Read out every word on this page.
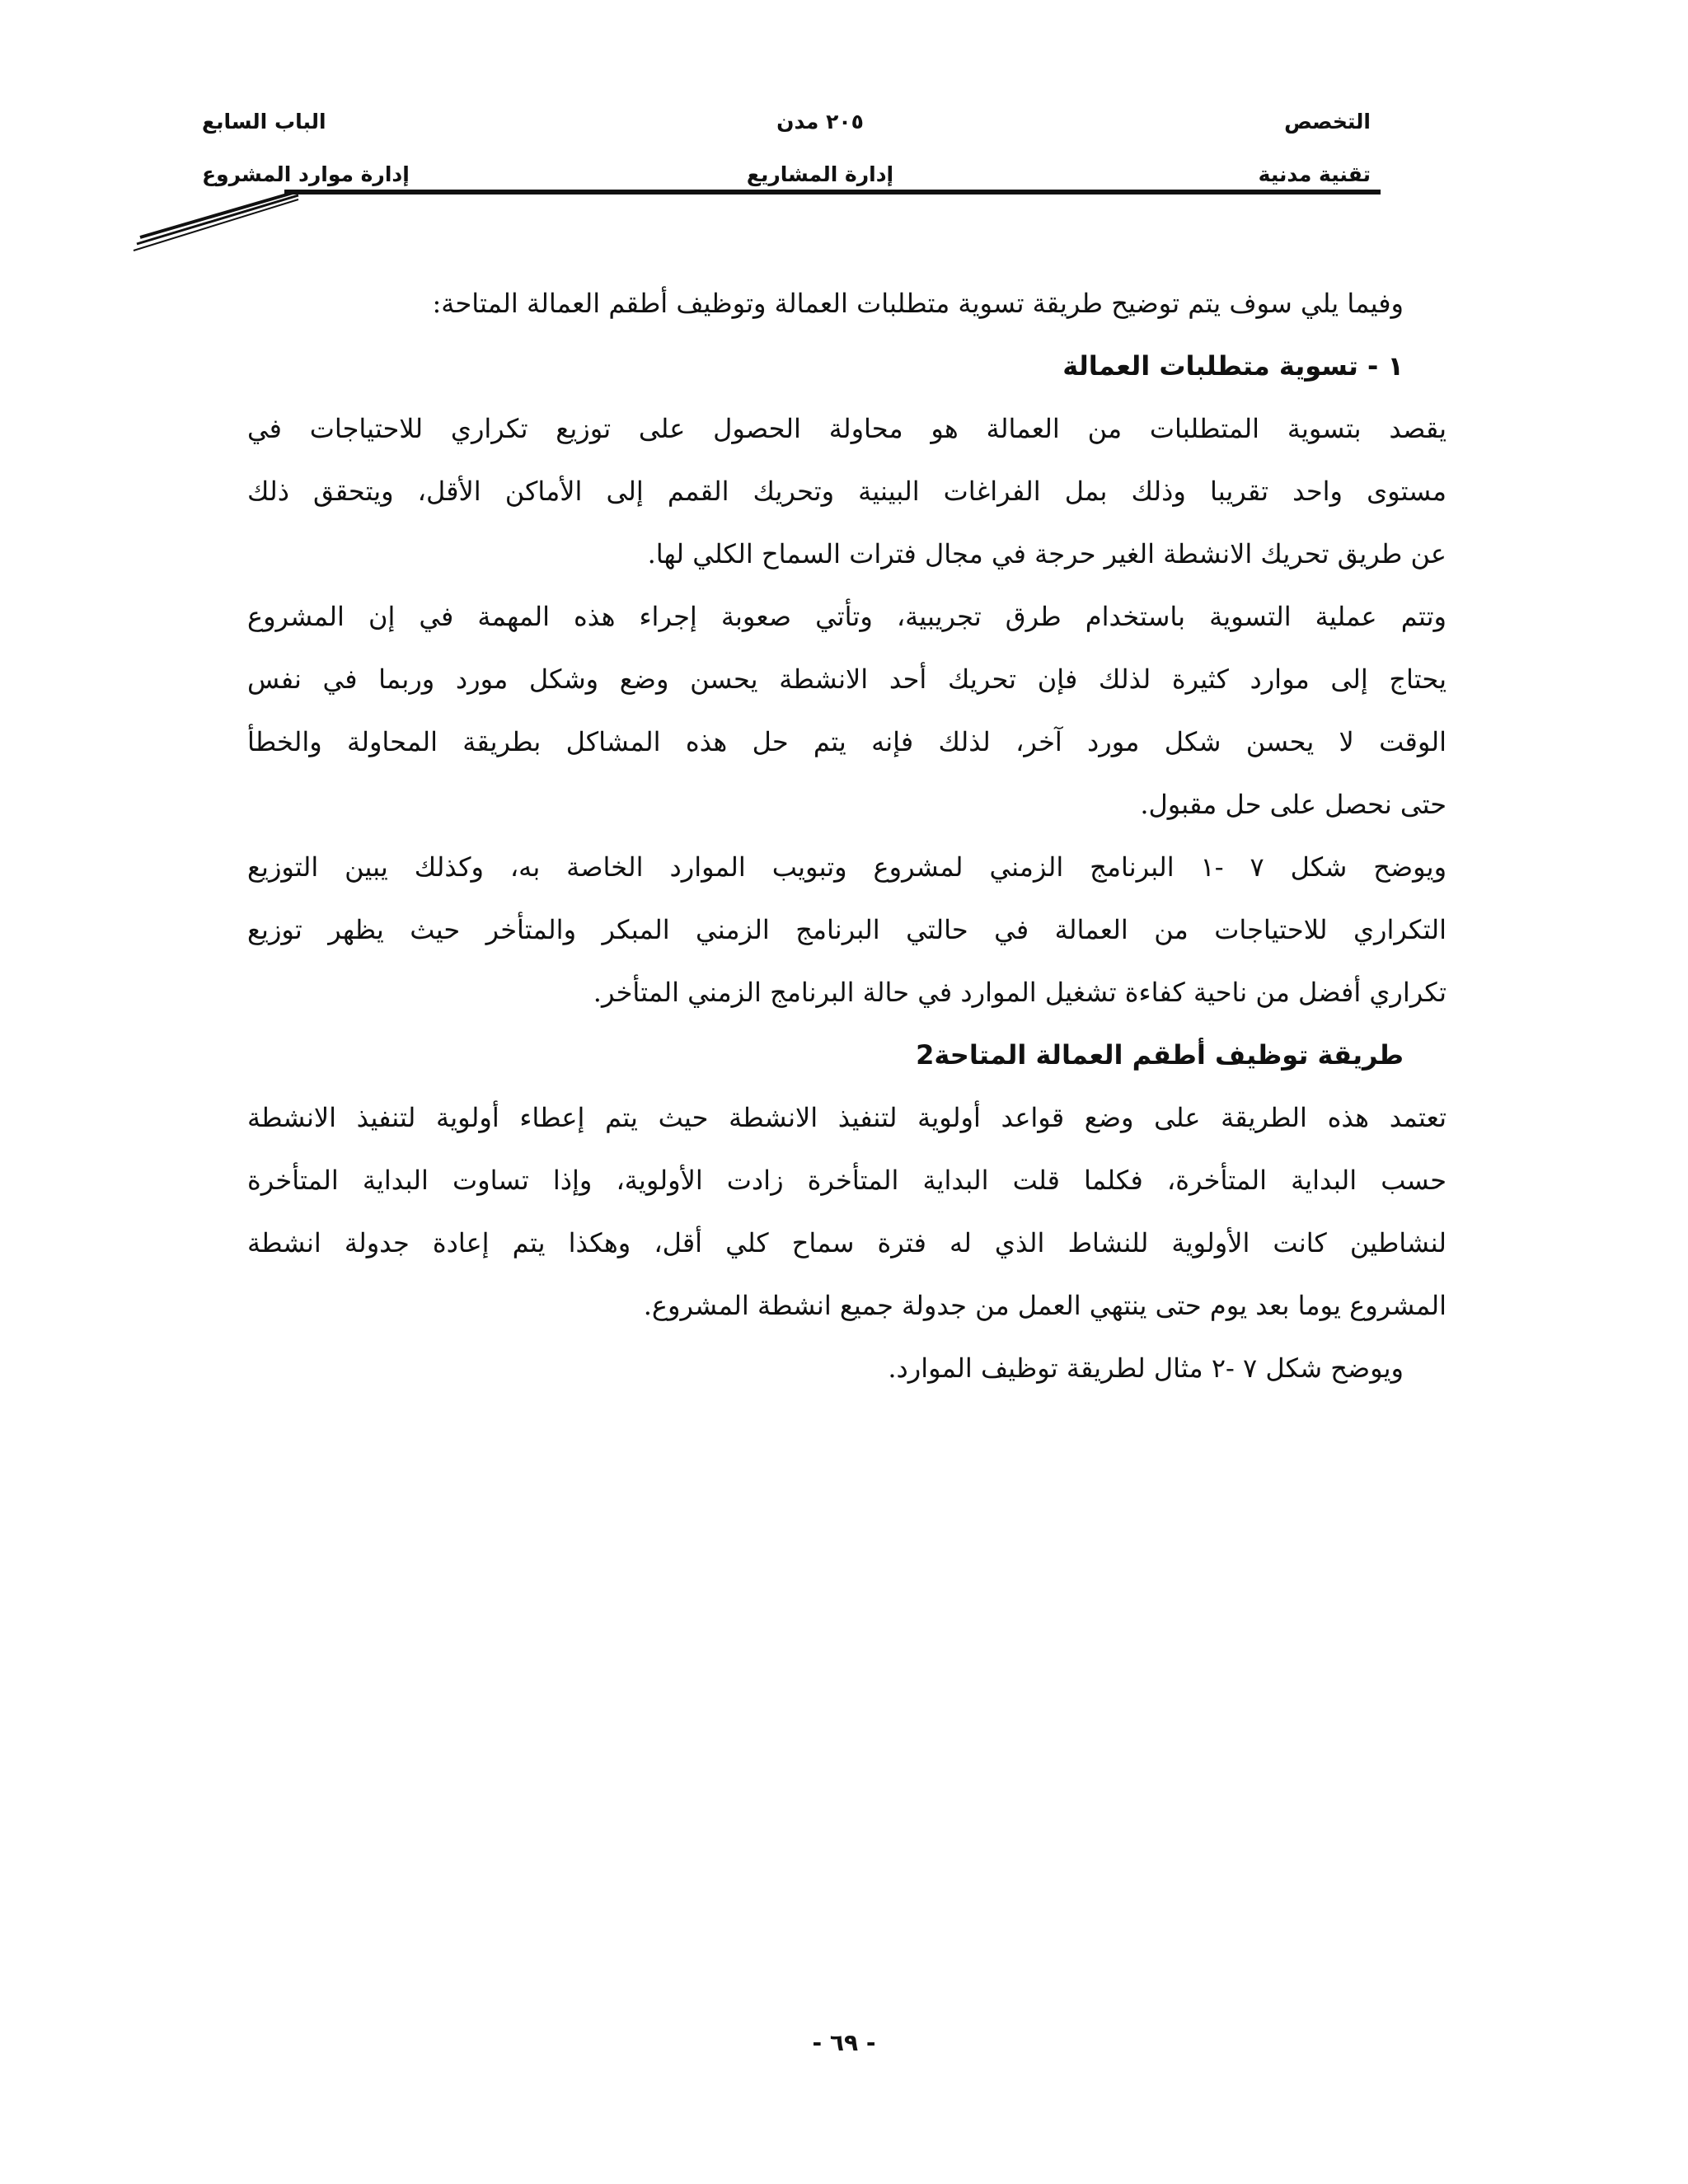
التخصص
تقنية مدنية
٢٠٥ مدن
إدارة المشاريع
الباب السابع
إدارة موارد المشروع
وفيما يلي سوف يتم توضيح طريقة تسوية متطلبات العمالة وتوظيف أطقم العمالة المتاحة:
١ - تسوية متطلبات العمالة
يقصد بتسوية المتطلبات من العمالة هو محاولة الحصول على توزيع تكراري للاحتياجات في
مستوى واحد تقريبا وذلك بمل الفراغات البينية وتحريك القمم إلى الأماكن الأقل، ويتحقق ذلك
عن طريق تحريك الانشطة الغير حرجة في مجال فترات السماح الكلي لها.
وتتم عملية التسوية باستخدام طرق تجريبية، وتأتي صعوبة إجراء هذه المهمة في إن المشروع
يحتاج إلى موارد كثيرة لذلك فإن تحريك أحد الانشطة يحسن وضع وشكل مورد وربما في نفس
الوقت لا يحسن شكل مورد آخر، لذلك فإنه يتم حل هذه المشاكل بطريقة المحاولة والخطأ
حتى نحصل على حل مقبول.
ويوضح شكل ٧ -١ البرنامج الزمني لمشروع وتبويب الموارد الخاصة به، وكذلك يبين التوزيع
التكراري للاحتياجات من العمالة في حالتي البرنامج الزمني المبكر والمتأخر حيث يظهر توزيع
تكراري أفضل من ناحية كفاءة تشغيل الموارد في حالة البرنامج الزمني المتأخر.
طريقة توظيف أطقم العمالة المتاحة2
تعتمد هذه الطريقة على وضع قواعد أولوية لتنفيذ الانشطة حيث يتم إعطاء أولوية لتنفيذ الانشطة
حسب البداية المتأخرة، فكلما قلت البداية المتأخرة زادت الأولوية، وإذا تساوت البداية المتأخرة
لنشاطين كانت الأولوية للنشاط الذي له فترة سماح كلي أقل، وهكذا يتم إعادة جدولة انشطة
المشروع يوما بعد يوم حتى ينتهي العمل من جدولة جميع انشطة المشروع.
ويوضح شكل ٧ -٢ مثال لطريقة توظيف الموارد.
- ٦٩ -
